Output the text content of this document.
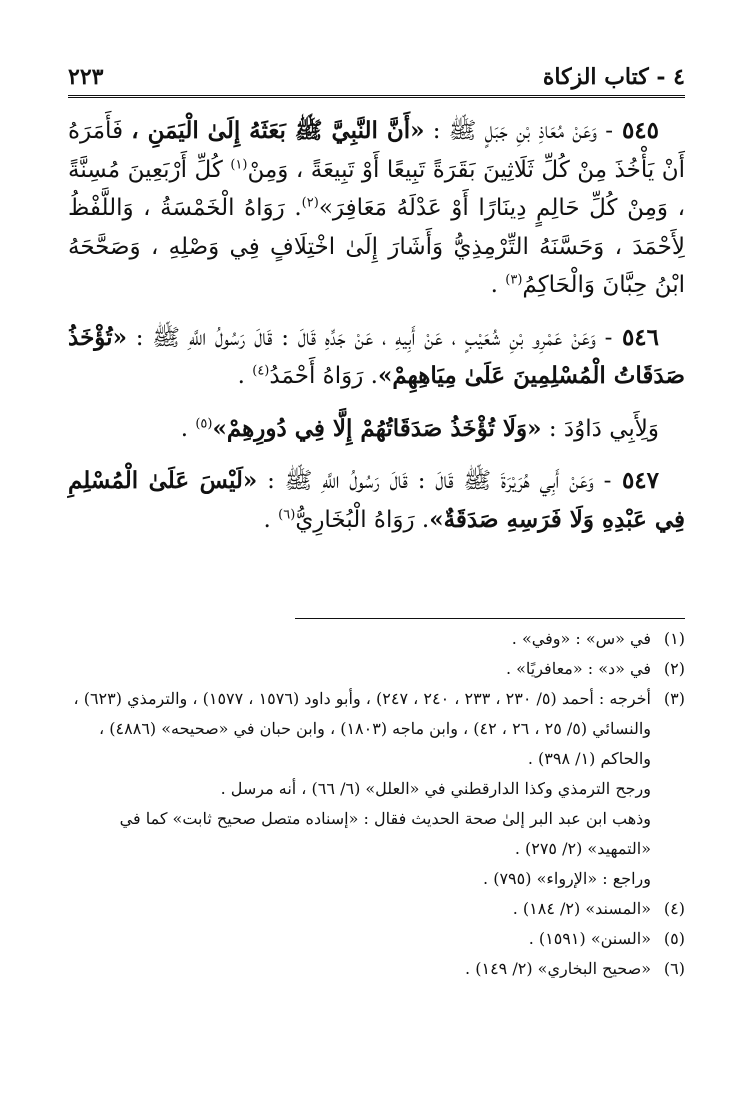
٤ - كتاب الزكاة
٢٢٣

٥٤٥ - وَعَنْ مُعَاذِ بْنِ جَبَلٍ ﷺ : «أَنَّ النَّبِيَّ ﷺ بَعَثَهُ إِلَىٰ الْيَمَنِ ، فَأَمَرَهُ أَنْ يَأْخُذَ مِنْ كُلِّ ثَلَاثِينَ بَقَرَةً تَبِيعًا أَوْ تَبِيعَةً ، وَمِنْ$^{(١)}$ كُلِّ أَرْبَعِينَ مُسِنَّةً ، وَمِنْ كُلِّ حَالِمٍ دِينَارًا أَوْ عَدْلَهُ مَعَافِرَ»$^{(٢)}$. رَوَاهُ الْخَمْسَةُ ، وَاللَّفْظُ لِأَحْمَدَ ، وَحَسَّنَهُ التِّرْمِذِيُّ وَأَشَارَ إِلَىٰ اخْتِلَافٍ فِي وَصْلِهِ ، وَصَحَّحَهُ ابْنُ حِبَّانَ وَالْحَاكِمُ$^{(٣)}$ .

٥٤٦ - وَعَنْ عَمْرِو بْنِ شُعَيْبٍ ، عَنْ أَبِيهِ ، عَنْ جَدِّهِ قَالَ : قَالَ رَسُولُ اللَّهِ ﷺ : «تُؤْخَذُ صَدَقَاتُ الْمُسْلِمِينَ عَلَىٰ مِيَاهِهِمْ». رَوَاهُ أَحْمَدُ$^{(٤)}$ .

وَلِأَبِي دَاوُدَ : «وَلَا تُؤْخَذُ صَدَقَاتُهُمْ إِلَّا فِي دُورِهِمْ»$^{(٥)}$ .

٥٤٧ - وَعَنْ أَبِي هُرَيْرَةَ ﷺ قَالَ : قَالَ رَسُولُ اللَّهِ ﷺ : «لَيْسَ عَلَىٰ الْمُسْلِمِ فِي عَبْدِهِ وَلَا فَرَسِهِ صَدَقَةٌ». رَوَاهُ الْبُخَارِيُّ$^{(٦)}$ .

(١)
في «س» : «وفي» .
(٢)
في «د» : «معافريًا» .
(٣)
أخرجه : أحمد (٥/ ٢٣٠ ، ٢٣٣ ، ٢٤٠ ، ٢٤٧) ، وأبو داود (١٥٧٦ ، ١٥٧٧) ، والترمذي (٦٢٣) ، والنسائي (٥/ ٢٥ ، ٢٦ ، ٤٢) ، وابن ماجه (١٨٠٣) ، وابن حبان في «صحيحه» (٤٨٨٦) ، والحاكم (١/ ٣٩٨) .
ورجح الترمذي وكذا الدارقطني في «العلل» (٦/ ٦٦) ، أنه مرسل .
وذهب ابن عبد البر إلىٰ صحة الحديث فقال : «إسناده متصل صحيح ثابت» كما في «التمهيد» (٢/ ٢٧٥) .
وراجع : «الإرواء» (٧٩٥) .
(٤)
«المسند» (٢/ ١٨٤) .
(٥)
«السنن» (١٥٩١) .
(٦)
«صحيح البخاري» (٢/ ١٤٩) .
